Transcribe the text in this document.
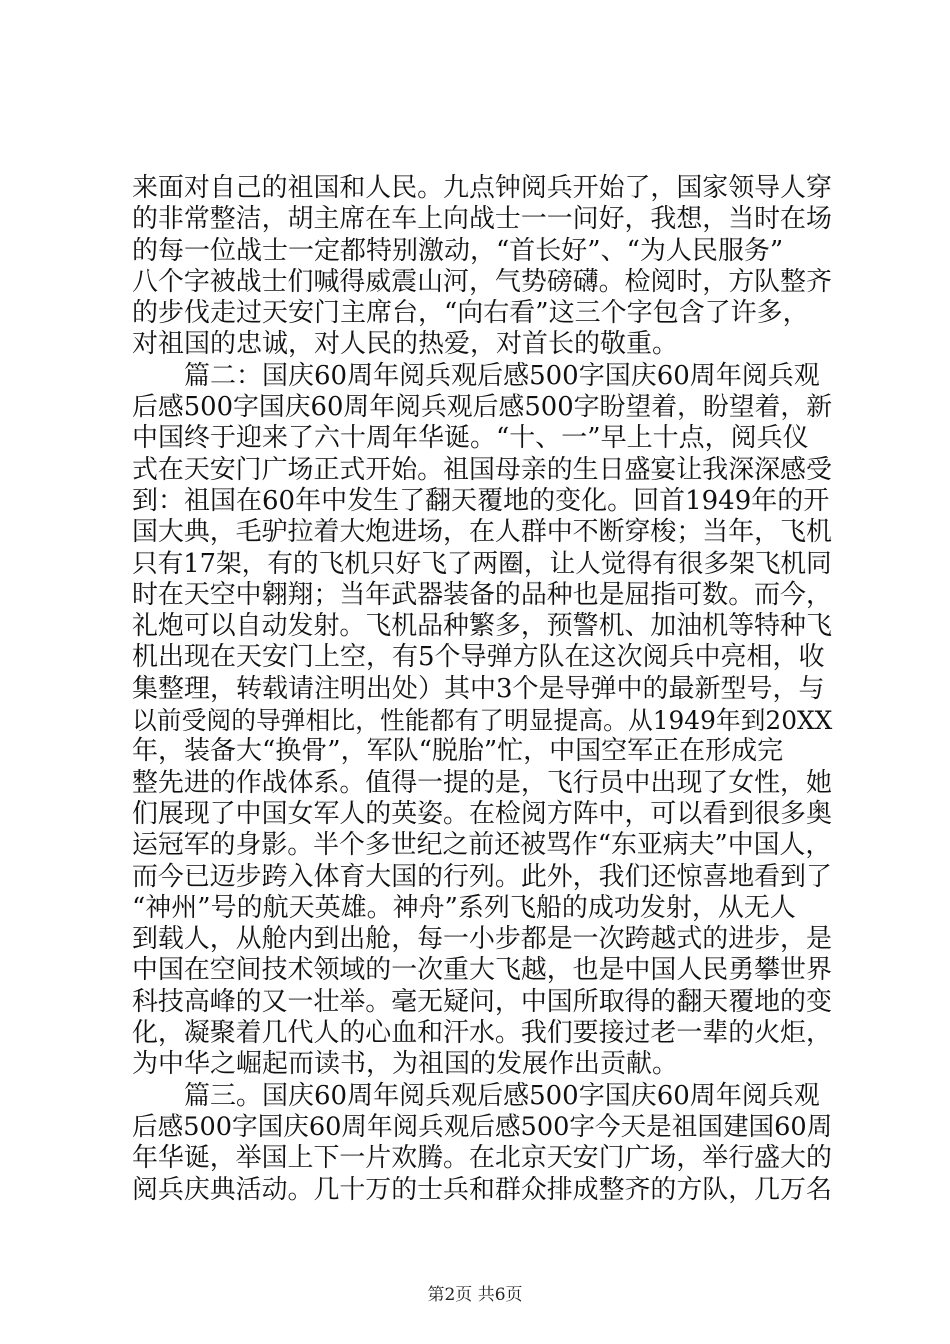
来面对自己的祖国和人民。九点钟阅兵开始了，国家领导人穿
的非常整洁，胡主席在车上向战士一一问好，我想，当时在场
的每一位战士一定都特别激动，“首长好”、“为人民服务”
八个字被战士们喊得威震山河，气势磅礴。检阅时，方队整齐
的步伐走过天安门主席台，“向右看”这三个字包含了许多，
对祖国的忠诚，对人民的热爱，对首长的敬重。
篇二：国庆60周年阅兵观后感500字国庆60周年阅兵观
后感500字国庆60周年阅兵观后感500字盼望着，盼望着，新
中国终于迎来了六十周年华诞。“十、一”早上十点，阅兵仪
式在天安门广场正式开始。祖国母亲的生日盛宴让我深深感受
到：祖国在60年中发生了翻天覆地的变化。回首1949年的开
国大典，毛驴拉着大炮进场，在人群中不断穿梭；当年，飞机
只有17架，有的飞机只好飞了两圈，让人觉得有很多架飞机同
时在天空中翱翔；当年武器装备的品种也是屈指可数。而今，
礼炮可以自动发射。飞机品种繁多，预警机、加油机等特种飞
机出现在天安门上空，有5个导弹方队在这次阅兵中亮相，收
集整理，转载请注明出处）其中3个是导弹中的最新型号，与
以前受阅的导弹相比，性能都有了明显提高。从1949年到20XX
年，装备大“换骨”，军队“脱胎”忙，中国空军正在形成完
整先进的作战体系。值得一提的是，飞行员中出现了女性，她
们展现了中国女军人的英姿。在检阅方阵中，可以看到很多奥
运冠军的身影。半个多世纪之前还被骂作“东亚病夫”中国人，
而今已迈步跨入体育大国的行列。此外，我们还惊喜地看到了
“神州”号的航天英雄。神舟”系列飞船的成功发射，从无人
到载人，从舱内到出舱，每一小步都是一次跨越式的进步，是
中国在空间技术领域的一次重大飞越，也是中国人民勇攀世界
科技高峰的又一壮举。毫无疑问，中国所取得的翻天覆地的变
化，凝聚着几代人的心血和汗水。我们要接过老一辈的火炬，
为中华之崛起而读书，为祖国的发展作出贡献。
篇三。国庆60周年阅兵观后感500字国庆60周年阅兵观
后感500字国庆60周年阅兵观后感500字今天是祖国建国60周
年华诞，举国上下一片欢腾。在北京天安门广场，举行盛大的
阅兵庆典活动。几十万的士兵和群众排成整齐的方队，几万名
第2页 共6页
